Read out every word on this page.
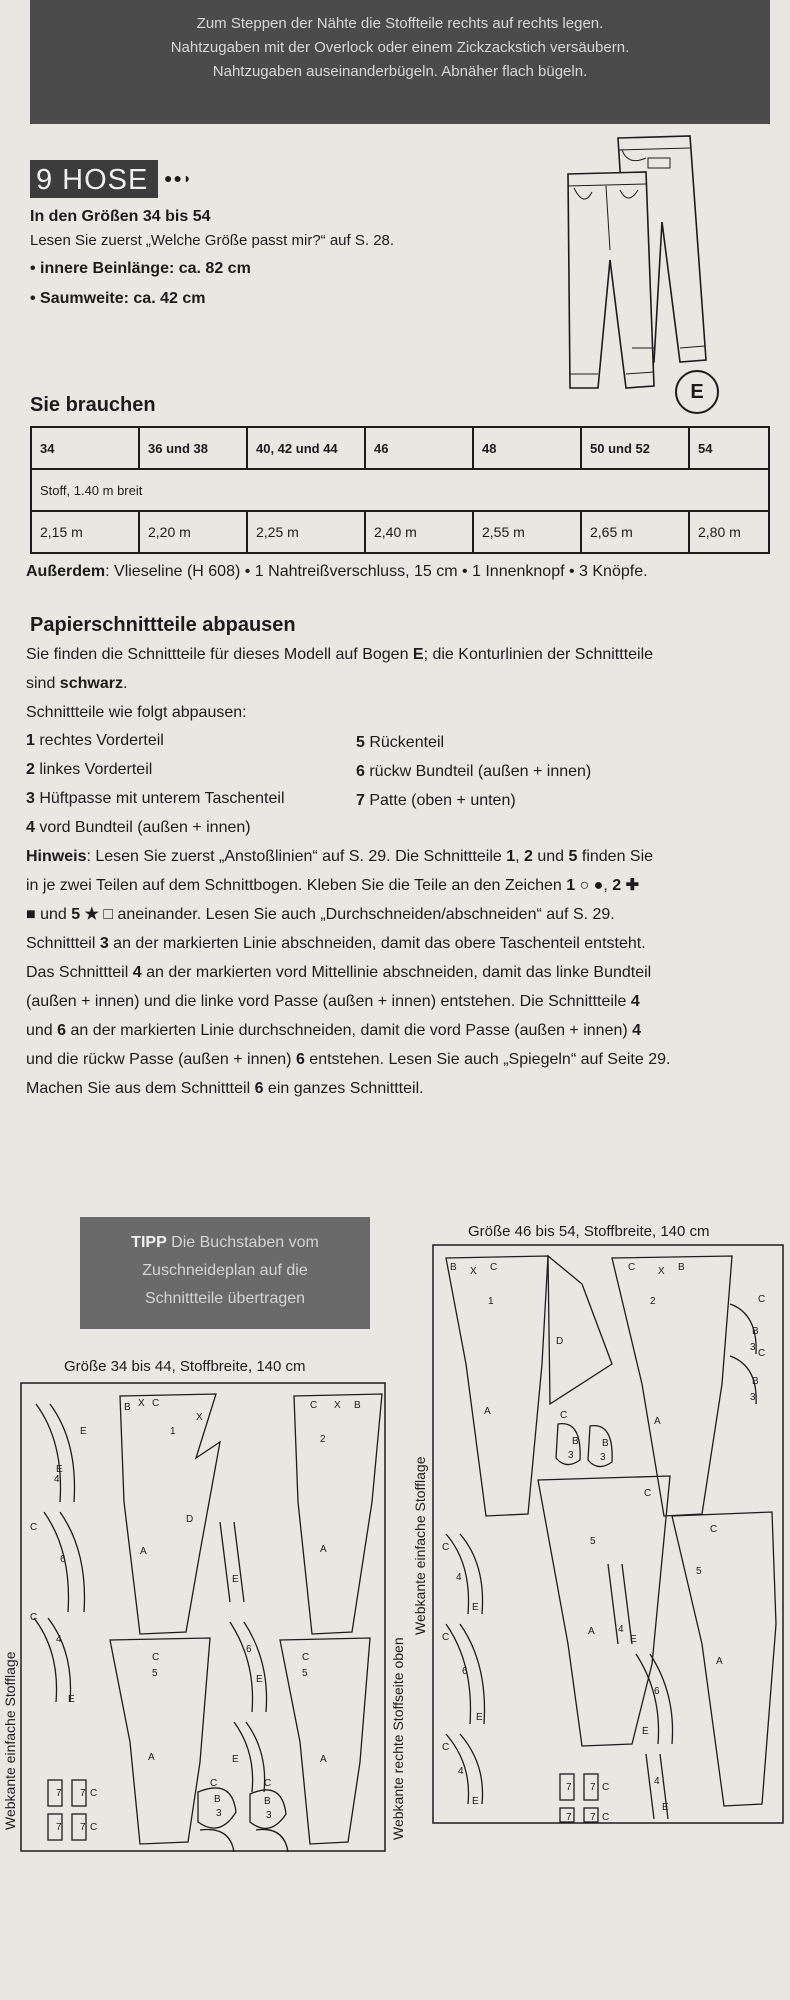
Zum Steppen der Nähte die Stoffteile rechts auf rechts legen.
Nahtzugaben mit der Overlock oder einem Zickzackstich versäubern.
Nahtzugaben auseinanderbügeln. Abnäher flach bügeln.
9 HOSE	●●◗
In den Größen 34 bis 54
Lesen Sie zuerst „Welche Größe passt mir?“ auf S. 28.
• innere Beinlänge: ca. 82 cm
• Saumweite: ca. 42 cm
E
Sie brauchen
34	36 und 38	40, 42 und 44	46	48	50 und 52	54
Stoff, 1.40 m breit						
2,15 m	2,20 m	2,25 m	2,40 m	2,55 m	2,65 m	2,80 m
Außerdem: Vlieseline (H 608) • 1 Nahtreißverschluss, 15 cm • 1 Innenknopf • 3 Knöpfe.
Papierschnittteile abpausen
Sie finden die Schnittteile für dieses Modell auf Bogen E; die Konturlinien der Schnittteile
sind schwarz.
Schnittteile wie folgt abpausen:
1 rechtes Vorderteil
2 linkes Vorderteil
3 Hüftpasse mit unterem Taschenteil
4 vord Bundteil (außen + innen)
5 Rückenteil
6 rückw Bundteil (außen + innen)
7 Patte (oben + unten)
Hinweis: Lesen Sie zuerst „Anstoßlinien“ auf S. 29. Die Schnittteile 1, 2 und 5 finden Sie
in je zwei Teilen auf dem Schnittbogen. Kleben Sie die Teile an den Zeichen 1 ○ ●, 2 ✚
■ und 5 ★ □ aneinander. Lesen Sie auch „Durchschneiden/abschneiden“ auf S. 29.
Schnittteil 3 an der markierten Linie abschneiden, damit das obere Taschenteil entsteht.
Das Schnittteil 4 an der markierten vord Mittellinie abschneiden, damit das linke Bundteil
(außen + innen) und die linke vord Passe (außen + innen) entstehen. Die Schnittteile 4
und 6 an der markierten Linie durchschneiden, damit die vord Passe (außen + innen) 4
und die rückw Passe (außen + innen) 6 entstehen. Lesen Sie auch „Spiegeln“ auf Seite 29.
Machen Sie aus dem Schnittteil 6 ein ganzes Schnittteil.
TIPP Die Buchstaben vom
Zuschneideplan auf die
Schnittteile übertragen
Größe 34 bis 44, Stoffbreite, 140 cm
Größe 46 bis 54, Stoffbreite, 140 cm
Webkante einfache Stofflage	Webkante rechte Stoffseite oben
Webkante einfache Stofflage
B X C
1
X
D
A
C X B
2
A
C
5
A
C
5
A
E
E
4
C
6
C
4
E
E
6
E
E
7 7 C
7 7 C
B
3
B
3
C	C
B X C
1
A
D
C
B
3
B
3
C X B
2
A
C
5
A
C
5
A
C
B
3
C
B
3
C
4
E
C
6
E
C
4
E
4
E
6
E
4
E
7 7 C
7 7 C
